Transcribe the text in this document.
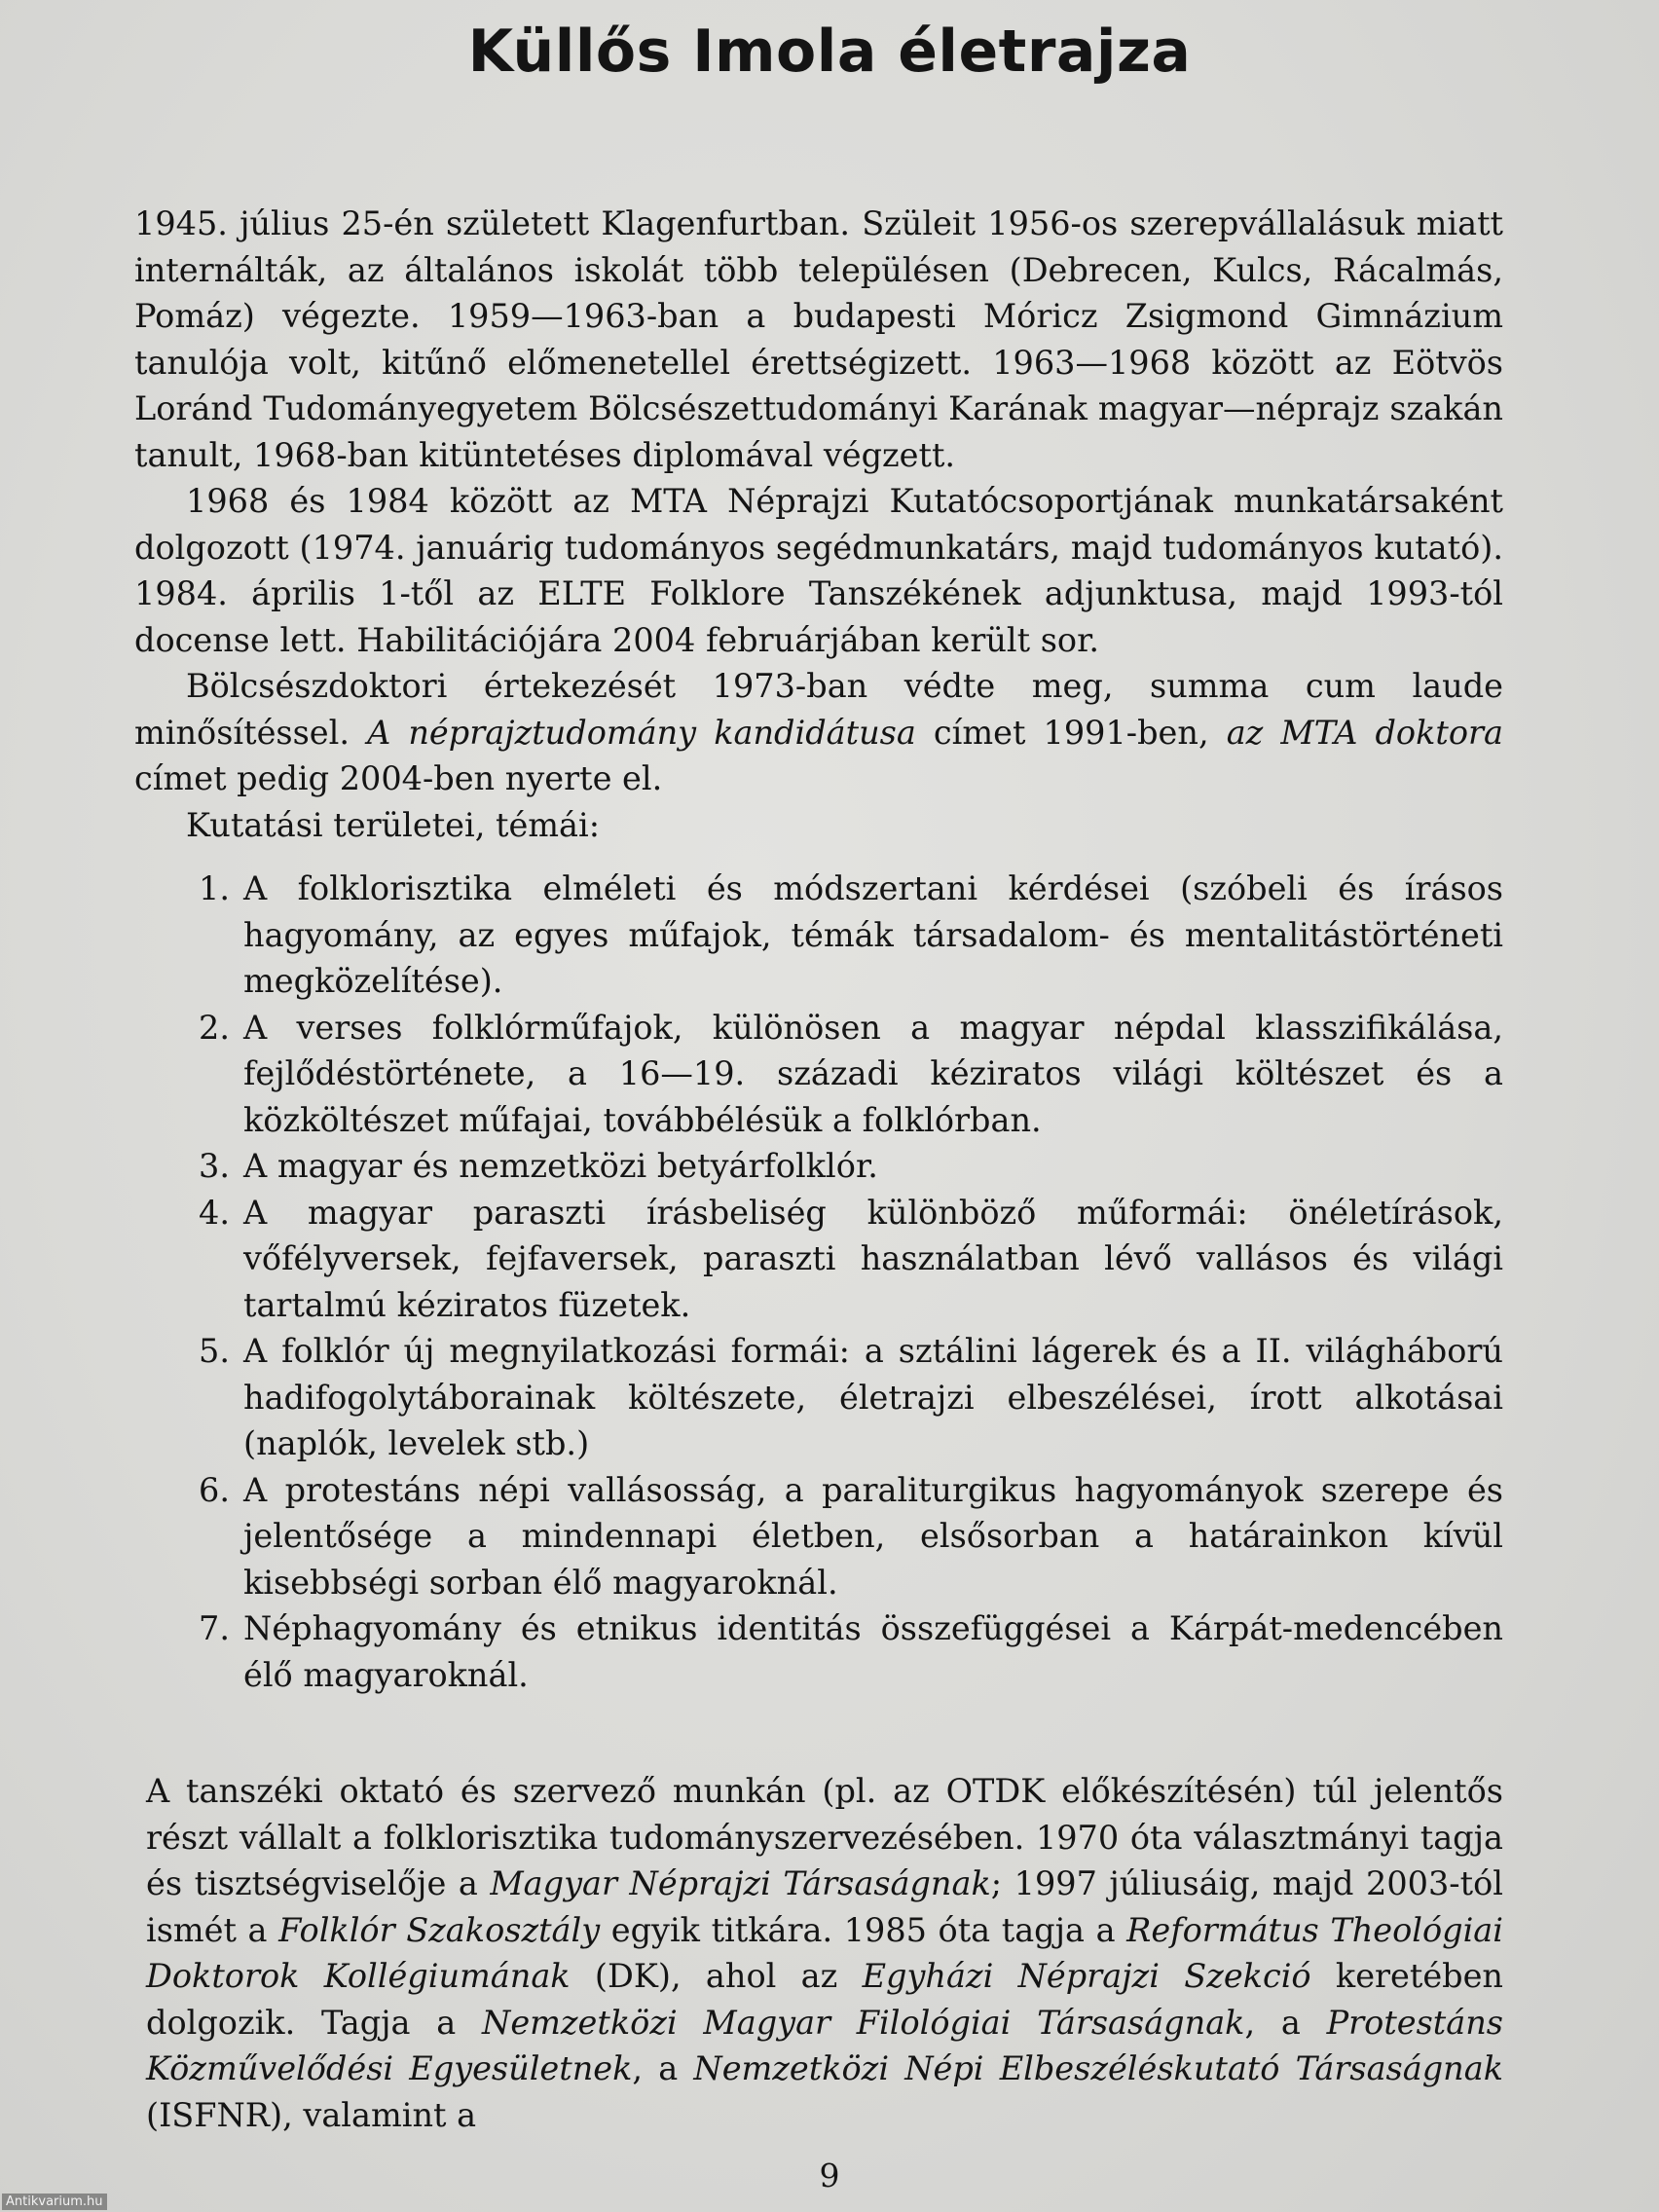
Küllős Imola életrajza

1945. július 25-én született Klagenfurtban. Szüleit 1956-os szerepvállalásuk miatt internálták, az általános iskolát több településen (Debrecen, Kulcs, Rácalmás, Pomáz) végezte. 1959—1963-ban a budapesti Móricz Zsigmond Gimnázium tanulója volt, kitűnő előmenetellel érettségizett. 1963—1968 között az Eötvös Loránd Tudományegyetem Bölcsészettudományi Karának magyar—néprajz szakán tanult, 1968-ban kitüntetéses diplomával végzett.

1968 és 1984 között az MTA Néprajzi Kutatócsoportjának munkatársaként dolgozott (1974. januárig tudományos segédmunkatárs, majd tudományos kutató). 1984. április 1-től az ELTE Folklore Tanszékének adjunktusa, majd 1993-tól docense lett. Habilitációjára 2004 februárjában került sor.

Bölcsészdoktori értekezését 1973-ban védte meg, summa cum laude minősítéssel. A néprajztudomány kandidátusa címet 1991-ben, az MTA doktora címet pedig 2004-ben nyerte el.

Kutatási területei, témái:

1. A folklorisztika elméleti és módszertani kérdései (szóbeli és írásos hagyomány, az egyes műfajok, témák társadalom- és mentalitástörténeti megközelítése).
2. A verses folklórműfajok, különösen a magyar népdal klasszifikálása, fejlődéstörténete, a 16—19. századi kéziratos világi költészet és a közköltészet műfajai, továbbélésük a folklórban.
3. A magyar és nemzetközi betyárfolklór.
4. A magyar paraszti írásbeliség különböző műformái: önéletírások, vőfélyversek, fejfaversek, paraszti használatban lévő vallásos és világi tartalmú kéziratos füzetek.
5. A folklór új megnyilatkozási formái: a sztálini lágerek és a II. világháború hadifogolytáborainak költészete, életrajzi elbeszélései, írott alkotásai (naplók, levelek stb.)
6. A protestáns népi vallásosság, a paraliturgikus hagyományok szerepe és jelentősége a mindennapi életben, elsősorban a határainkon kívül kisebbségi sorban élő magyaroknál.
7. Néphagyomány és etnikus identitás összefüggései a Kárpát-medencében élő magyaroknál.

A tanszéki oktató és szervező munkán (pl. az OTDK előkészítésén) túl jelentős részt vállalt a folklorisztika tudományszervezésében. 1970 óta választmányi tagja és tisztségviselője a Magyar Néprajzi Társaságnak; 1997 júliusáig, majd 2003-tól ismét a Folklór Szakosztály egyik titkára. 1985 óta tagja a Református Theológiai Doktorok Kollégiumának (DK), ahol az Egyházi Néprajzi Szekció keretében dolgozik. Tagja a Nemzetközi Magyar Filológiai Társaságnak, a Protestáns Közművelődési Egyesületnek, a Nemzetközi Népi Elbeszéléskutató Társaságnak (ISFNR), valamint a

9
Antikvarium.hu
